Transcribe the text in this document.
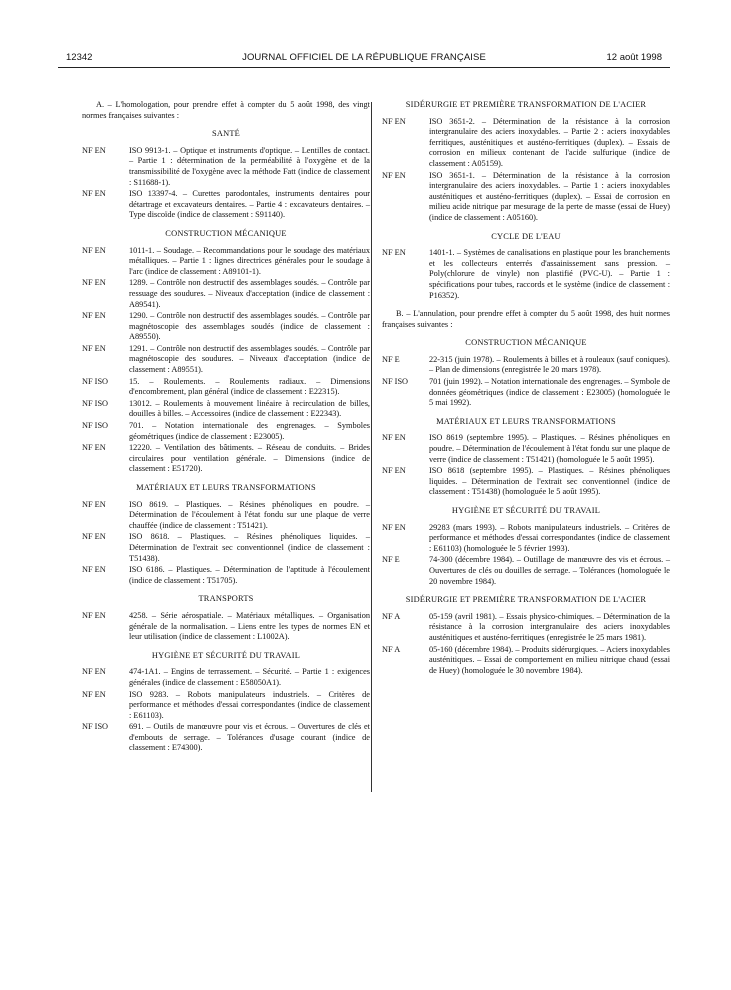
12342	JOURNAL OFFICIEL DE LA RÉPUBLIQUE FRANÇAISE	12 août 1998

A. – L'homologation, pour prendre effet à compter du 5 août 1998, des vingt normes françaises suivantes :

SANTÉ
NF EN	ISO 9913-1. – Optique et instruments d'optique. – Lentilles de contact. – Partie 1 : détermination de la perméabilité à l'oxygène et de la transmissibilité de l'oxygène avec la méthode Fatt (indice de classement : S11688-1).
NF EN	ISO 13397-4. – Curettes parodontales, instruments dentaires pour détartrage et excavateurs dentaires. – Partie 4 : excavateurs dentaires. – Type discoïde (indice de classement : S91140).
CONSTRUCTION MÉCANIQUE
NF EN	1011-1. – Soudage. – Recommandations pour le soudage des matériaux métalliques. – Partie 1 : lignes directrices générales pour le soudage à l'arc (indice de classement : A89101-1).
NF EN	1289. – Contrôle non destructif des assemblages soudés. – Contrôle par ressuage des soudures. – Niveaux d'acceptation (indice de classement : A89541).
NF EN	1290. – Contrôle non destructif des assemblages soudés. – Contrôle par magnétoscopie des assemblages soudés (indice de classement : A89550).
NF EN	1291. – Contrôle non destructif des assemblages soudés. – Contrôle par magnétoscopie des soudures. – Niveaux d'acceptation (indice de classement : A89551).
NF ISO	15. – Roulements. – Roulements radiaux. – Dimensions d'encombrement, plan général (indice de classement : E22315).
NF ISO	13012. – Roulements à mouvement linéaire à recirculation de billes, douilles à billes. – Accessoires (indice de classement : E22343).
NF ISO	701. – Notation internationale des engrenages. – Symboles géométriques (indice de classement : E23005).
NF EN	12220. – Ventilation des bâtiments. – Réseau de conduits. – Brides circulaires pour ventilation générale. – Dimensions (indice de classement : E51720).
MATÉRIAUX ET LEURS TRANSFORMATIONS
NF EN	ISO 8619. – Plastiques. – Résines phénoliques en poudre. – Détermination de l'écoulement à l'état fondu sur une plaque de verre chauffée (indice de classement : T51421).
NF EN	ISO 8618. – Plastiques. – Résines phénoliques liquides. – Détermination de l'extrait sec conventionnel (indice de classement : T51438).
NF EN	ISO 6186. – Plastiques. – Détermination de l'aptitude à l'écoulement (indice de classement : T51705).
TRANSPORTS
NF EN	4258. – Série aérospatiale. – Matériaux métalliques. – Organisation générale de la normalisation. – Liens entre les types de normes EN et leur utilisation (indice de classement : L1002A).
HYGIÈNE ET SÉCURITÉ DU TRAVAIL
NF EN	474-1A1. – Engins de terrassement. – Sécurité. – Partie 1 : exigences générales (indice de classement : E58050A1).
NF EN	ISO 9283. – Robots manipulateurs industriels. – Critères de performance et méthodes d'essai correspondantes (indice de classement : E61103).
NF ISO	691. – Outils de manœuvre pour vis et écrous. – Ouvertures de clés et d'embouts de serrage. – Tolérances d'usage courant (indice de classement : E74300).
SIDÉRURGIE ET PREMIÈRE TRANSFORMATION DE L'ACIER
NF EN	ISO 3651-2. – Détermination de la résistance à la corrosion intergranulaire des aciers inoxydables. – Partie 2 : aciers inoxydables ferritiques, austénitiques et austéno-ferritiques (duplex). – Essais de corrosion en milieux contenant de l'acide sulfurique (indice de classement : A05159).
NF EN	ISO 3651-1. – Détermination de la résistance à la corrosion intergranulaire des aciers inoxydables. – Partie 1 : aciers inoxydables austénitiques et austéno-ferritiques (duplex). – Essai de corrosion en milieu acide nitrique par mesurage de la perte de masse (essai de Huey) (indice de classement : A05160).
CYCLE DE L'EAU
NF EN	1401-1. – Systèmes de canalisations en plastique pour les branchements et les collecteurs enterrés d'assainissement sans pression. – Poly(chlorure de vinyle) non plastifié (PVC-U). – Partie 1 : spécifications pour tubes, raccords et le système (indice de classement : P16352).

B. – L'annulation, pour prendre effet à compter du 5 août 1998, des huit normes françaises suivantes :

CONSTRUCTION MÉCANIQUE
NF E	22-315 (juin 1978). – Roulements à billes et à rouleaux (sauf coniques). – Plan de dimensions (enregistrée le 20 mars 1978).
NF ISO	701 (juin 1992). – Notation internationale des engrenages. – Symbole de données géométriques (indice de classement : E23005) (homologuée le 5 mai 1992).
MATÉRIAUX ET LEURS TRANSFORMATIONS
NF EN	ISO 8619 (septembre 1995). – Plastiques. – Résines phénoliques en poudre. – Détermination de l'écoulement à l'état fondu sur une plaque de verre (indice de classement : T51421) (homologuée le 5 août 1995).
NF EN	ISO 8618 (septembre 1995). – Plastiques. – Résines phénoliques liquides. – Détermination de l'extrait sec conventionnel (indice de classement : T51438) (homologuée le 5 août 1995).
HYGIÈNE ET SÉCURITÉ DU TRAVAIL
NF EN	29283 (mars 1993). – Robots manipulateurs industriels. – Critères de performance et méthodes d'essai correspondantes (indice de classement : E61103) (homologuée le 5 février 1993).
NF E	74-300 (décembre 1984). – Outillage de manœuvre des vis et écrous. – Ouvertures de clés ou douilles de serrage. – Tolérances (homologuée le 20 novembre 1984).
SIDÉRURGIE ET PREMIÈRE TRANSFORMATION DE L'ACIER
NF A	05-159 (avril 1981). – Essais physico-chimiques. – Détermination de la résistance à la corrosion intergranulaire des aciers inoxydables austénitiques et austéno-ferritiques (enregistrée le 25 mars 1981).
NF A	05-160 (décembre 1984). – Produits sidérurgiques. – Aciers inoxydables austénitiques. – Essai de comportement en milieu nitrique chaud (essai de Huey) (homologuée le 30 novembre 1984).
